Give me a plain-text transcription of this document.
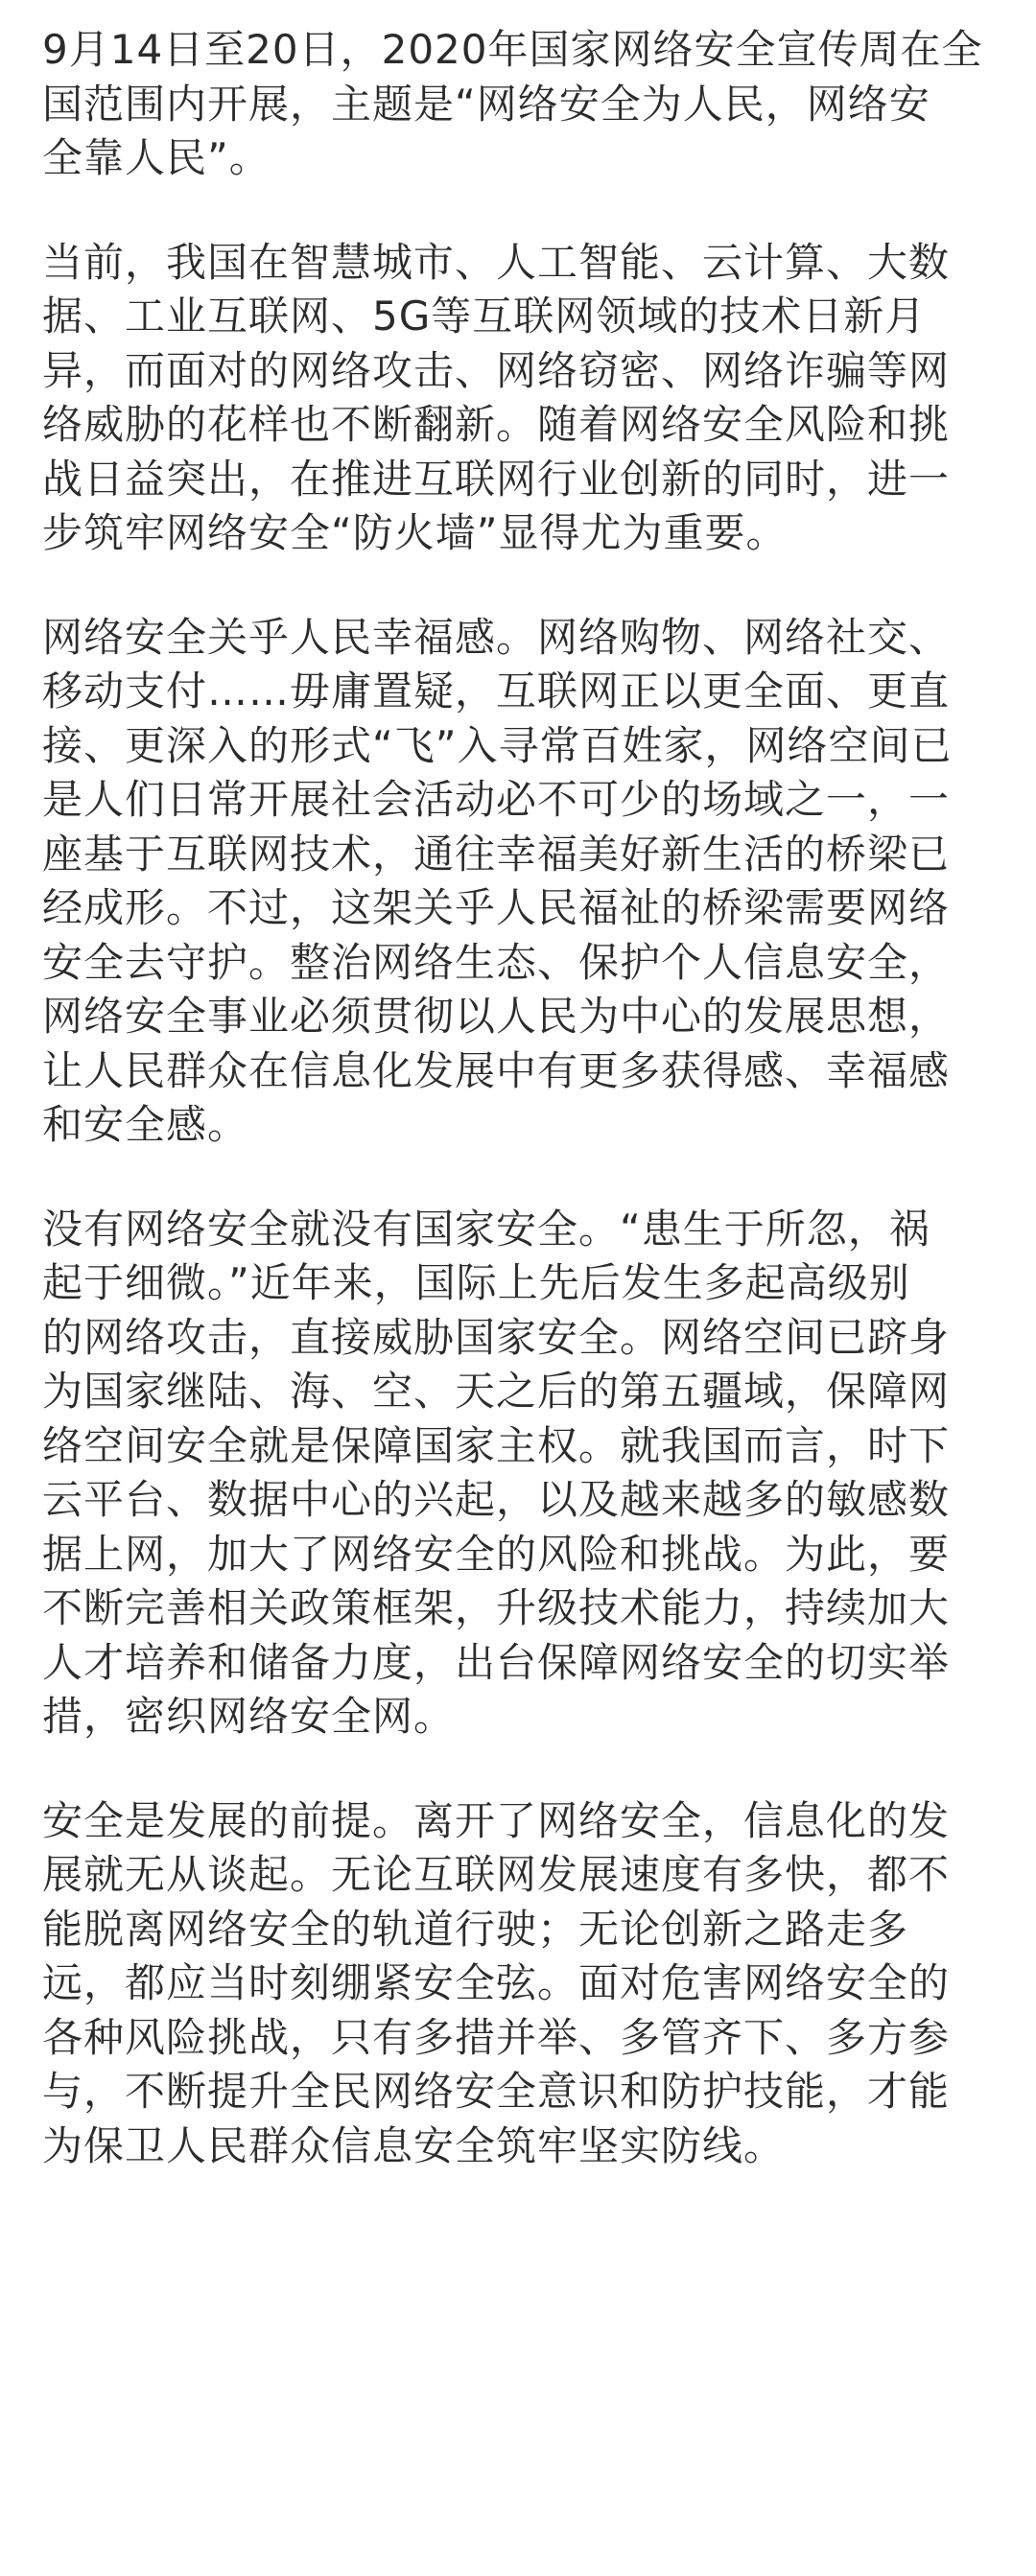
9月14日至20日，2020年国家网络安全宣传周在全
国范围内开展，主题是“网络安全为人民，网络安
全靠人民”。

当前，我国在智慧城市、人工智能、云计算、大数
据、工业互联网、5G等互联网领域的技术日新月
异，而面对的网络攻击、网络窃密、网络诈骗等网
络威胁的花样也不断翻新。随着网络安全风险和挑
战日益突出，在推进互联网行业创新的同时，进一
步筑牢网络安全“防火墙”显得尤为重要。

网络安全关乎人民幸福感。网络购物、网络社交、
移动支付……毋庸置疑，互联网正以更全面、更直
接、更深入的形式“飞”入寻常百姓家，网络空间已
是人们日常开展社会活动必不可少的场域之一，一
座基于互联网技术，通往幸福美好新生活的桥梁已
经成形。不过，这架关乎人民福祉的桥梁需要网络
安全去守护。整治网络生态、保护个人信息安全，
网络安全事业必须贯彻以人民为中心的发展思想，
让人民群众在信息化发展中有更多获得感、幸福感
和安全感。

没有网络安全就没有国家安全。“患生于所忽，祸
起于细微。”近年来，国际上先后发生多起高级别
的网络攻击，直接威胁国家安全。网络空间已跻身
为国家继陆、海、空、天之后的第五疆域，保障网
络空间安全就是保障国家主权。就我国而言，时下
云平台、数据中心的兴起，以及越来越多的敏感数
据上网，加大了网络安全的风险和挑战。为此，要
不断完善相关政策框架，升级技术能力，持续加大
人才培养和储备力度，出台保障网络安全的切实举
措，密织网络安全网。

安全是发展的前提。离开了网络安全，信息化的发
展就无从谈起。无论互联网发展速度有多快，都不
能脱离网络安全的轨道行驶；无论创新之路走多
远，都应当时刻绷紧安全弦。面对危害网络安全的
各种风险挑战，只有多措并举、多管齐下、多方参
与，不断提升全民网络安全意识和防护技能，才能
为保卫人民群众信息安全筑牢坚实防线。
